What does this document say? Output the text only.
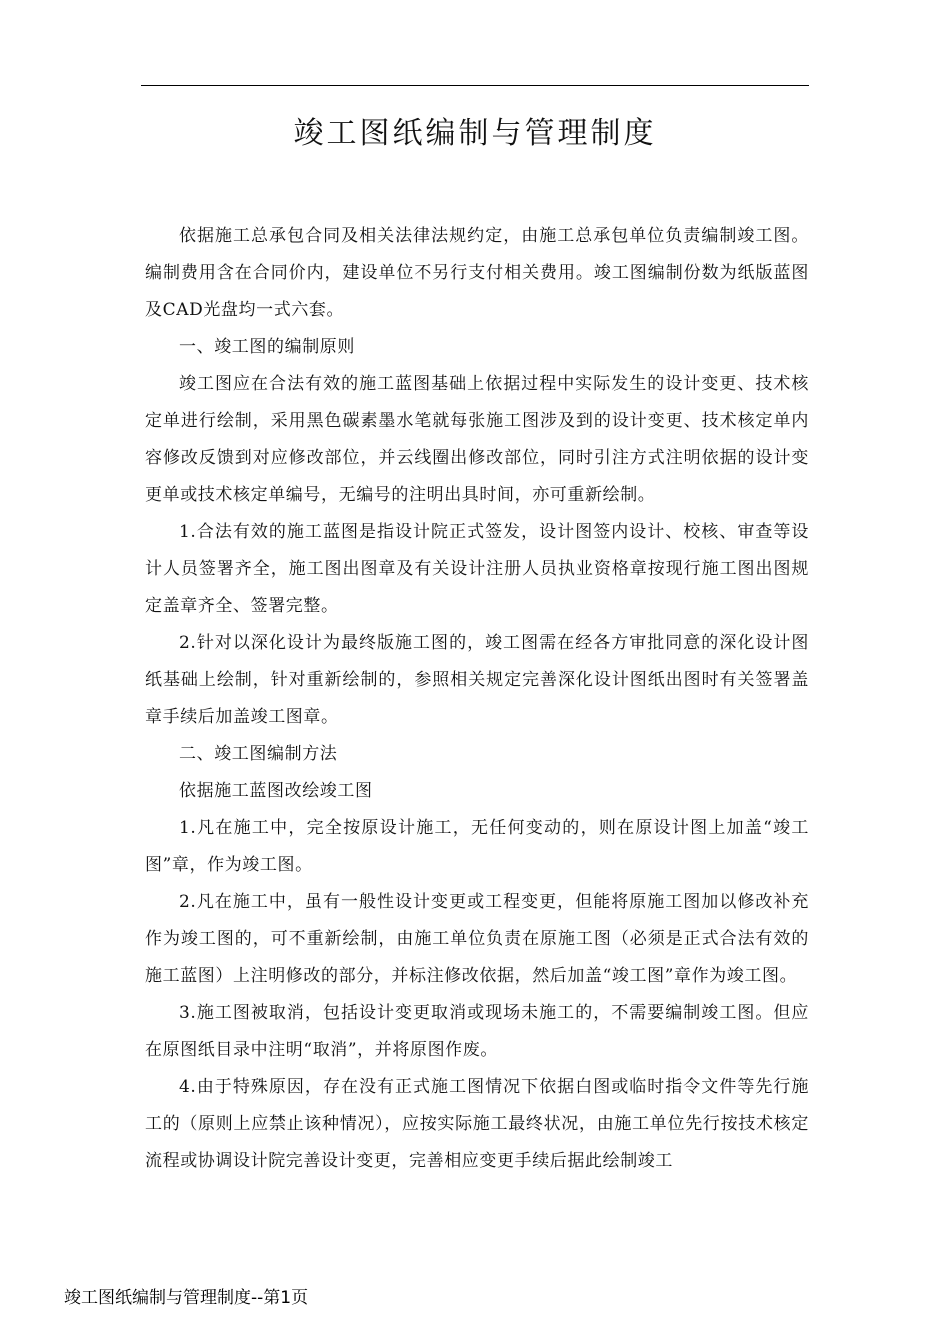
竣工图纸编制与管理制度

依据施工总承包合同及相关法律法规约定，由施工总承包单位负责编制竣工图。编制费用含在合同价内，建设单位不另行支付相关费用。竣工图编制份数为纸版蓝图及CAD光盘均一式六套。

一、竣工图的编制原则

竣工图应在合法有效的施工蓝图基础上依据过程中实际发生的设计变更、技术核定单进行绘制，采用黑色碳素墨水笔就每张施工图涉及到的设计变更、技术核定单内容修改反馈到对应修改部位，并云线圈出修改部位，同时引注方式注明依据的设计变更单或技术核定单编号，无编号的注明出具时间，亦可重新绘制。

1.合法有效的施工蓝图是指设计院正式签发，设计图签内设计、校核、审查等设计人员签署齐全，施工图出图章及有关设计注册人员执业资格章按现行施工图出图规定盖章齐全、签署完整。

2.针对以深化设计为最终版施工图的，竣工图需在经各方审批同意的深化设计图纸基础上绘制，针对重新绘制的，参照相关规定完善深化设计图纸出图时有关签署盖章手续后加盖竣工图章。

二、竣工图编制方法

依据施工蓝图改绘竣工图

1.凡在施工中，完全按原设计施工，无任何变动的，则在原设计图上加盖“竣工图”章，作为竣工图。

2.凡在施工中，虽有一般性设计变更或工程变更，但能将原施工图加以修改补充作为竣工图的，可不重新绘制，由施工单位负责在原施工图（必须是正式合法有效的施工蓝图）上注明修改的部分，并标注修改依据，然后加盖“竣工图”章作为竣工图。

3.施工图被取消，包括设计变更取消或现场未施工的，不需要编制竣工图。但应在原图纸目录中注明“取消”，并将原图作废。

4.由于特殊原因，存在没有正式施工图情况下依据白图或临时指令文件等先行施工的（原则上应禁止该种情况），应按实际施工最终状况，由施工单位先行按技术核定流程或协调设计院完善设计变更，完善相应变更手续后据此绘制竣工

竣工图纸编制与管理制度--第1页
